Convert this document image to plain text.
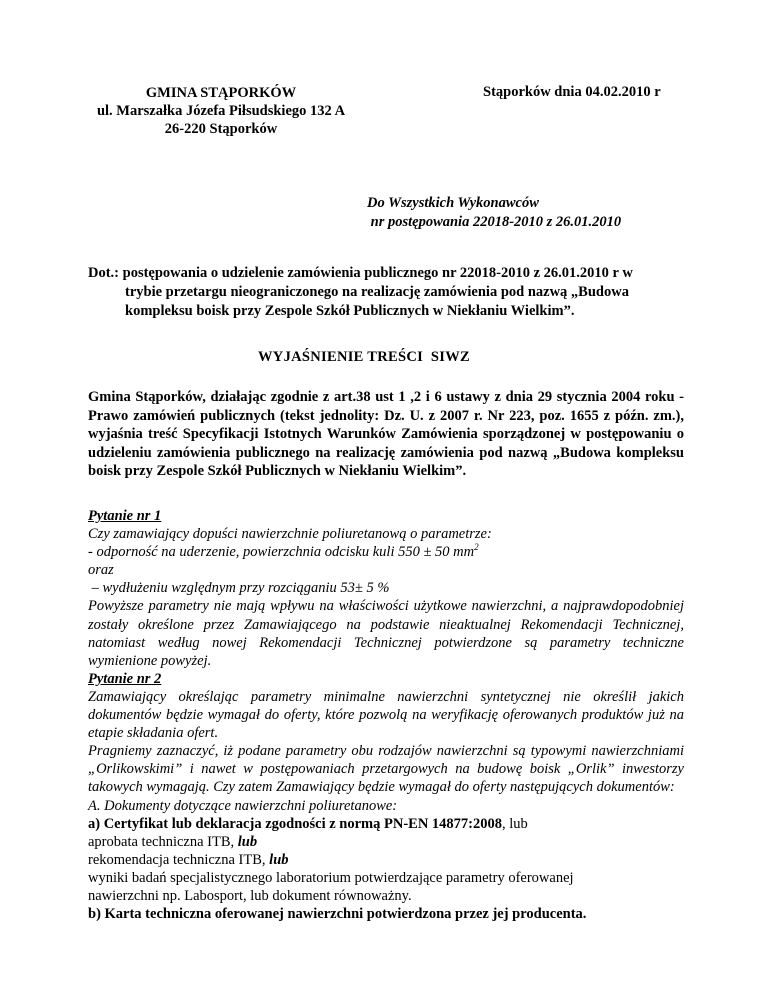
GMINA STĄPORKÓW
ul. Marszałka Józefa Piłsudskiego 132 A
26-220 Stąporków
Stąporków dnia 04.02.2010 r
Do Wszystkich Wykonawców
nr postępowania 22018-2010 z 26.01.2010
Dot.: postępowania o udzielenie zamówienia publicznego nr 22018-2010 z 26.01.2010 r w
trybie przetargu nieograniczonego na realizację zamówienia pod nazwą „Budowa kompleksu boisk przy Zespole Szkół Publicznych w Niekłaniu Wielkim”.
WYJAŚNIENIE TREŚCI  SIWZ
Gmina Stąporków, działając zgodnie z art.38 ust 1 ,2 i 6 ustawy z dnia 29 stycznia 2004 roku - Prawo zamówień publicznych (tekst jednolity: Dz. U. z 2007 r. Nr 223, poz. 1655 z późn. zm.), wyjaśnia treść Specyfikacji Istotnych Warunków Zamówienia sporządzonej w postępowaniu o udzieleniu zamówienia publicznego na realizację zamówienia pod nazwą „Budowa kompleksu boisk przy Zespole Szkół Publicznych w Niekłaniu Wielkim”.

Pytanie nr 1

Czy zamawiający dopuści nawierzchnie poliuretanową o parametrze:

- odporność na uderzenie, powierzchnia odcisku kuli 550 ± 50 $mm^2$

oraz

– wydłużeniu względnym przy rozciąganiu 53± 5 %

Powyższe parametry nie mają wpływu na właściwości użytkowe nawierzchni, a najprawdopodobniej zostały określone przez Zamawiającego na podstawie nieaktualnej Rekomendacji Technicznej, natomiast według nowej Rekomendacji Technicznej potwierdzone są parametry techniczne wymienione powyżej.

Pytanie nr 2

Zamawiający określając parametry minimalne nawierzchni syntetycznej nie określił jakich dokumentów będzie wymagał do oferty, które pozwolą na weryfikację oferowanych produktów już na etapie składania ofert.

Pragniemy zaznaczyć, iż podane parametry obu rodzajów nawierzchni są typowymi nawierzchniami „Orlikowskimi” i nawet w postępowaniach przetargowych na budowę boisk „Orlik” inwestorzy takowych wymagają. Czy zatem Zamawiający będzie wymagał do oferty następujących dokumentów:

A. Dokumenty dotyczące nawierzchni poliuretanowe:

a) Certyfikat lub deklaracja zgodności z normą PN-EN 14877:2008, lub

aprobata techniczna ITB, lub

rekomendacja techniczna ITB, lub

wyniki badań specjalistycznego laboratorium potwierdzające parametry oferowanej

nawierzchni np. Labosport, lub dokument równoważny.

b) Karta techniczna oferowanej nawierzchni potwierdzona przez jej producenta.
